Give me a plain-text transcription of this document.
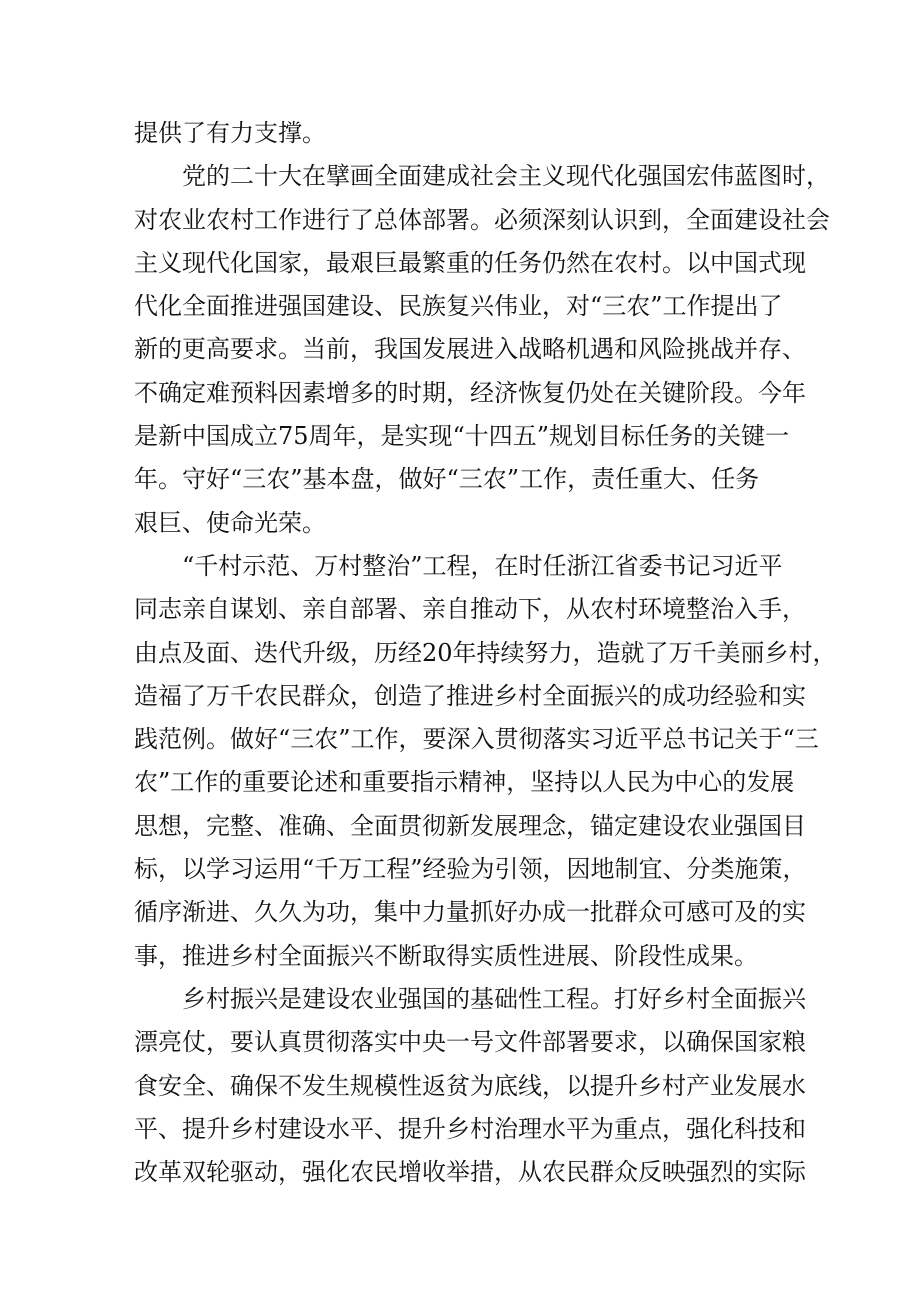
提供了有力支撑。
党的二十大在擘画全面建成社会主义现代化强国宏伟蓝图时，
对农业农村工作进行了总体部署。必须深刻认识到，全面建设社会
主义现代化国家，最艰巨最繁重的任务仍然在农村。以中国式现
代化全面推进强国建设、民族复兴伟业，对“三农”工作提出了
新的更高要求。当前，我国发展进入战略机遇和风险挑战并存、
不确定难预料因素增多的时期，经济恢复仍处在关键阶段。今年
是新中国成立75周年，是实现“十四五”规划目标任务的关键一
年。守好“三农”基本盘，做好“三农”工作，责任重大、任务
艰巨、使命光荣。
“千村示范、万村整治”工程，在时任浙江省委书记习近平
同志亲自谋划、亲自部署、亲自推动下，从农村环境整治入手，
由点及面、迭代升级，历经20年持续努力，造就了万千美丽乡村，
造福了万千农民群众，创造了推进乡村全面振兴的成功经验和实
践范例。做好“三农”工作，要深入贯彻落实习近平总书记关于“三
农”工作的重要论述和重要指示精神，坚持以人民为中心的发展
思想，完整、准确、全面贯彻新发展理念，锚定建设农业强国目
标，以学习运用“千万工程”经验为引领，因地制宜、分类施策，
循序渐进、久久为功，集中力量抓好办成一批群众可感可及的实
事，推进乡村全面振兴不断取得实质性进展、阶段性成果。
乡村振兴是建设农业强国的基础性工程。打好乡村全面振兴
漂亮仗，要认真贯彻落实中央一号文件部署要求，以确保国家粮
食安全、确保不发生规模性返贫为底线，以提升乡村产业发展水
平、提升乡村建设水平、提升乡村治理水平为重点，强化科技和
改革双轮驱动，强化农民增收举措，从农民群众反映强烈的实际
